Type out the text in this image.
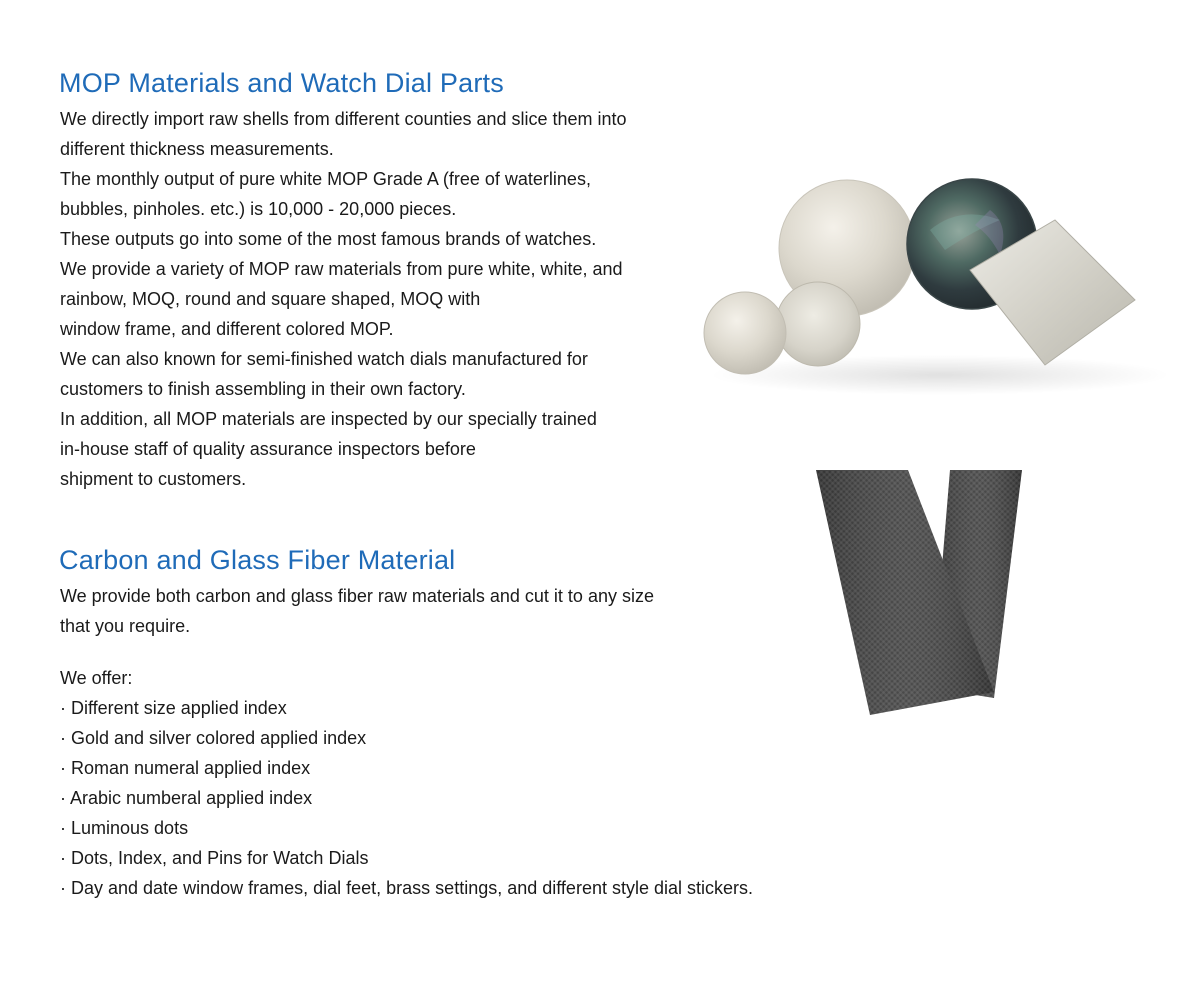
MOP Materials and Watch Dial Parts
We directly import raw shells from different counties and slice them into
different thickness measurements.
The monthly output of pure white MOP Grade A (free of waterlines,
bubbles, pinholes. etc.) is 10,000 - 20,000 pieces.
These outputs go into some of the most famous brands of watches.
We provide a variety of MOP raw materials from pure white, white, and
rainbow, MOQ, round and square shaped, MOQ with
window frame, and different colored MOP.
We can also known for semi-finished watch dials manufactured for
customers to finish assembling in their own factory.
In addition, all MOP materials are inspected by our specially trained
in-house staff of quality assurance inspectors before
shipment to customers.
Carbon and Glass Fiber Material
We provide both carbon and glass fiber raw materials and cut it to any size
that you require.
We offer:
· Different size applied index
· Gold and silver colored applied index
· Roman numeral applied index
· Arabic numberal applied index
· Luminous dots
· Dots, Index, and Pins for Watch Dials
· Day and date window frames, dial feet, brass settings, and different style dial stickers.
